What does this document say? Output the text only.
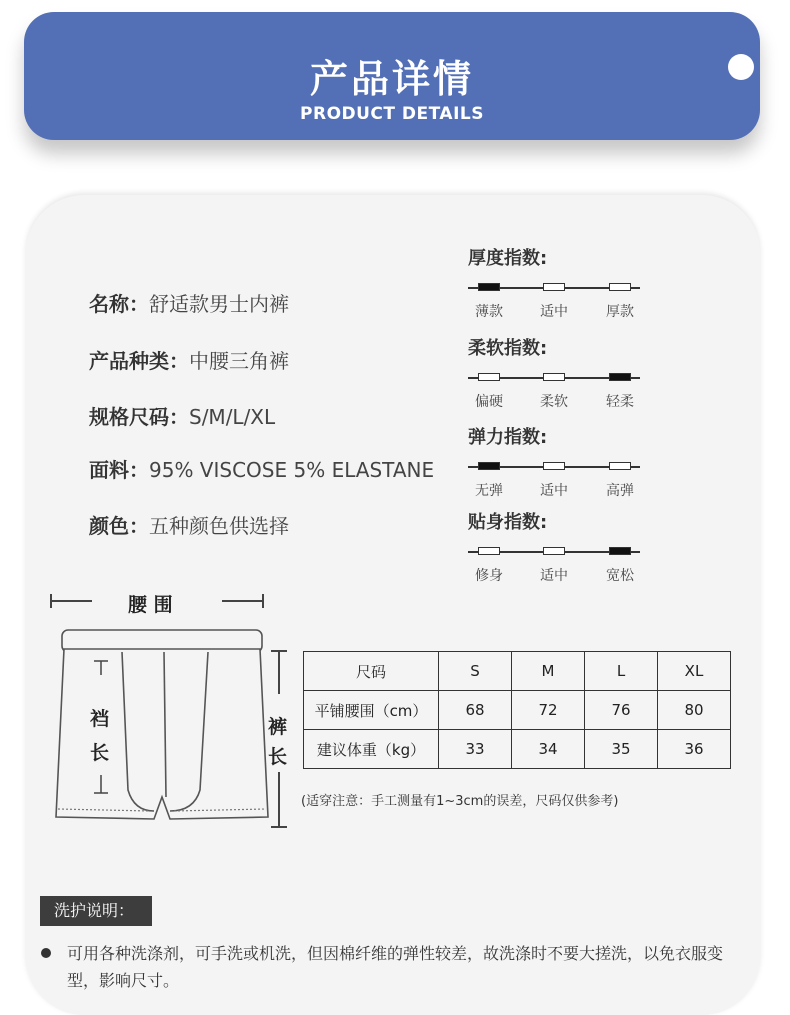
产品详情
PRODUCT DETAILS
名称：舒适款男士内裤
产品种类：中腰三角裤
规格尺码：S/M/L/XL
面料：95% VISCOSE 5% ELASTANE
颜色：五种颜色供选择
厚度指数:
薄款	适中	厚款
柔软指数:
偏硬	柔软	轻柔
弹力指数:
无弹	适中	高弹
贴身指数:
修身	适中	宽松
腰 围
裆
长
裤
长
尺码	S	M	L	XL
平铺腰围（cm）	68	72	76	80
建议体重（kg）	33	34	35	36
(适穿注意：手工测量有1~3cm的误差，尺码仅供参考)
洗护说明：
可用各种洗涤剂，可手洗或机洗，但因棉纤维的弹性较差，故洗涤时不要大搓洗，以免衣服变型，影响尺寸。
